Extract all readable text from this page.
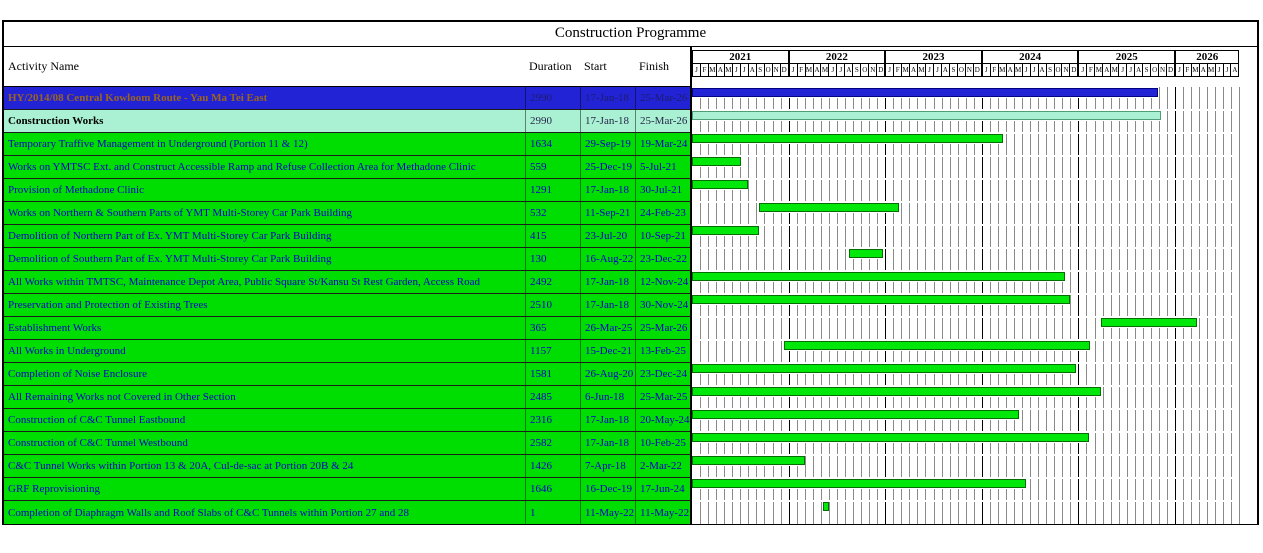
Construction Programme
Activity Name	Duration	Start	Finish
HY/2014/08 Central Kowloom Route - Yau Ma Tei East	2990	17-Jan-18	25-Mar-26
Construction Works	2990	17-Jan-18	25-Mar-26
Temporary Traffive Management in Underground (Portion 11 & 12)	1634	29-Sep-19 19-Mar-24
Works on YMTSC Ext. and Construct Accessible Ramp and Refuse Collection Area for Methadone Clinic	559	25-Dec-19 5-Jul-21
Provision of Methadone Clinic	1291	17-Jan-18	30-Jul-21
Works on Northern & Southern Parts of YMT Multi-Storey Car Park Building	532	11-Sep-21 24-Feb-23
Demolition of Northern Part of Ex. YMT Multi-Storey Car Park Building	415	23-Jul-20	10-Sep-21
Demolition of Southern Part of Ex. YMT Multi-Storey Car Park Building	130	16-Aug-22 23-Dec-22
All Works within TMTSC, Maintenance Depot Area, Public Square St/Kansu St Rest Garden, Access Road	2492	17-Jan-18	12-Nov-24
Preservation and Protection of Existing Trees	2510	17-Jan-18	30-Nov-24
Establishment Works	365	26-Mar-25 25-Mar-26
All Works in Underground	1157	15-Dec-21 13-Feb-25
Completion of Noise Enclosure	1581	26-Aug-20 23-Dec-24
All Remaining Works not Covered in Other Section	2485	6-Jun-18	25-Mar-25
Construction of C&C Tunnel Eastbound	2316	17-Jan-18	20-May-24
Construction of C&C Tunnel Westbound	2582	17-Jan-18	10-Feb-25
C&C Tunnel Works within Portion 13 & 20A, Cul-de-sac at Portion 20B & 24	1426	7-Apr-18	2-Mar-22
GRF Reprovisioning	1646	16-Dec-19 17-Jun-24
Completion of Diaphragm Walls and Roof Slabs of C&C Tunnels within Portion 27 and 28	1	11-May-22 11-May-22
2021
J F M A M J J A S O N D
2022
J F M A M J J A S O N D
2023
J F M A M J J A S O N D
2024
J F M A M J J A S O N D
2025
J F M A M J J A S O N D
2026
J F M A M J J A
